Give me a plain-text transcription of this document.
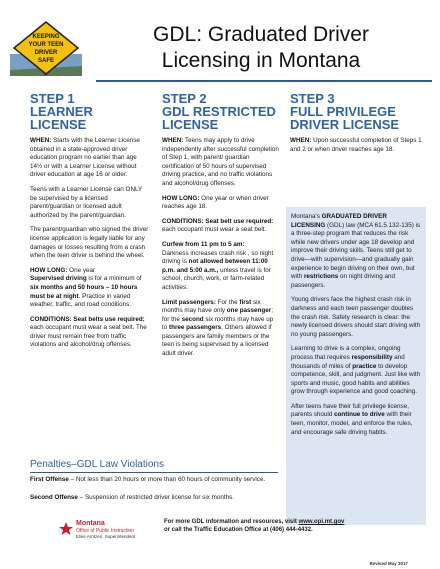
KEEPING
YOUR TEEN
DRIVER
SAFE
GDL: Graduated Driver
Licensing in Montana
STEP 1
LEARNER
LICENSE

WHEN: Starts with the Learner License obtained in a state-approved driver education program no earlier than age 14½ or with a Learner License without driver education at age 16 or older.

Teens with a Learner License can ONLY be supervised by a licensed parent/guardian or licensed adult authorized by the parent/guardian.

The parent/guardian who signed the driver license application is legally liable for any damages or losses resulting from a crash when the teen driver is behind the wheel.

HOW LONG: One year

Supervised driving is for a minimum of six months and 50 hours – 10 hours must be at night. Practice in varied weather, traffic, and road conditions.

CONDITIONS: Seat belts use required: each occupant must wear a seat belt. The driver must remain free from traffic violations and alcohol/drug offenses.

STEP 2
GDL RESTRICTED
LICENSE

WHEN: Teens may apply to drive independently after successful completion of Step 1, with parent/ guardian certification of 50 hours of supervised driving practice, and no traffic violations and alcohol/drug offenses.

HOW LONG: One year or when driver reaches age 18.

CONDITIONS: Seat belt use required: each occupant must wear a seat belt.

Curfew from 11 pm to 5 am:

Darkness increases crash risk , so night driving is not allowed between 11:00 p.m. and 5:00 a.m., unless travel is for school, church, work, or farm-related activities.

Limit passengers: For the first six months may have only one passenger; for the second six months may have up to three passengers. Others allowed if passengers are family members or the teen is being supervised by a licensed adult driver.

STEP 3
FULL PRIVILEGE
DRIVER LICENSE

WHEN: Upon successful completion of Steps 1 and 2 or when driver reaches age 18.

Montana's GRADUATED DRIVER LICENSING (GDL) law (MCA 61.5.132-135) is a three-step program that reduces the risk while new drivers under age 18 develop and improve their driving skills. Teens still get to drive—with supervision—and gradually gain experience to begin driving on their own, but with restrictions on night driving and passengers.

Young drivers face the highest crash risk in darkness and each teen passenger doubles the crash risk. Safety research is clear: the newly licensed drivers should start driving with no young passengers.

Learning to drive is a complex, ongoing process that requires responsibility and thousands of miles of practice to develop competence, skill, and judgment. Just like with sports and music, good habits and abilities grow through experience and good coaching.

After teens have their full privilege license, parents should continue to drive with their teen, monitor, model, and enforce the rules, and encourage safe driving habits.

Penalties–GDL Law Violations

First Offense – Not less than 20 hours or more than 60 hours of community service.

Second Offense – Suspension of restricted driver license for six months.

Montana
Office of Public Instruction
Elsie Arntzen, Superintendent
For more GDL information and resources, visit www.opi.mt.gov
or call the Traffic Education Office at (406) 444-4432.
Revised May 2017
